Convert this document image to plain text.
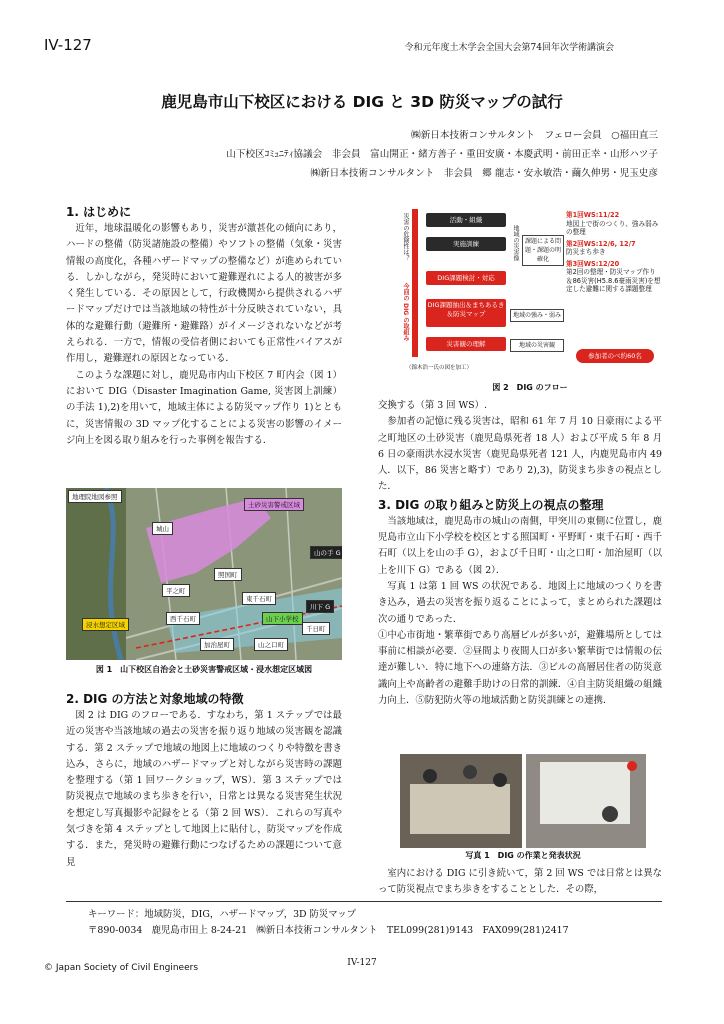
IV-127	令和元年度土木学会全国大会第74回年次学術講演会
鹿児島市山下校区における DIG と 3D 防災マップの試行
㈱新日本技術コンサルタント　フェロー会員　○福田直三
山下校区ｺﾐｭﾆﾃｨ協議会　非会員　富山開正・緒方善子・重田安廣・本慶武明・前田正幸・山形ハツ子
㈱新日本技術コンサルタント　非会員　郷 龍志・安永敏浩・繭久伸男・児玉史彦
1. はじめに

近年，地球温暖化の影響もあり，災害が激甚化の傾向にあり，ハードの整備（防災諸施設の整備）やソフトの整備（気象・災害情報の高度化，各種ハザードマップの整備など）が進められている．しかしながら，発災時において避難遅れによる人的被害が多く発生している．その原因として，行政機関から提供されるハザードマップだけでは当該地域の特性が十分反映されていない，具体的な避難行動（避難所・避難路）がイメージされないなどが考えられる．一方で，情報の受信者側においても正常性バイアスが作用し，避難遅れの原因となっている．

このような課題に対し，鹿児島市内山下校区 7 町内会（図 1）において DIG（Disaster Imagination Game, 災害図上訓練）の手法 1),2)を用いて，地域主体による防災マップ作り 1)とともに，災害情報の 3D マップ化することによる災害の影響のイメージ向上を図る取り組みを行った事例を報告する．

地理院地図参照
土砂災害警戒区域
城山
照国町
平之町
東千石町
西千石町	山下小学校
浸水想定区域
加治屋町	山之口町
千日町
山の手 G
川下 G
図 1　山下校区自治会と土砂災害警戒区域・浸水想定区域図
2. DIG の方法と対象地域の特徴

図 2 は DIG のフローである．すなわち，第 1 ステップでは最近の災害や当該地域の過去の災害を振り返り地域の災害観を認識する．第 2 ステップで地域の地図上に地域のつくりや特徴を書き込み，さらに，地域のハザードマップと対しながら災害時の課題を整理する（第 1 回ワークショップ，WS）．第 3 ステップでは防災視点で地域のまち歩きを行い，日常とは異なる災害発生状況を想定し写真撮影や記録をとる（第 2 回 WS）．これらの写真や気づきを第 4 ステップとして地図上に貼付し，防災マップを作成する．また，発災時の避難行動につなげるための課題について意見

災害の危険性は？
今回の DIG の取組み
活動・組織
実施訓練
DIG課題検討・対応
DIG課題抽出＆まちあるき＆防災マップ
災害観の理解
地域の災害像 課題による問題・課題の明確化
地域の強み・弱み
地域の災害観
第1回WS:11/22
地図上で街のつくり、強み弱みの整理
第2回WS:12/6, 12/7
防災まち歩き
第3回WS:12/20
第2回の整理・防災マップ作り＆86災害(H5.8.6豪雨災害)を想定した避難に関する課題整理
参加者のべ約60名
（錦木浩一氏の図を加工）
図 2　DIG のフロー

交換する（第 3 回 WS）.

参加者の記憶に残る災害は，昭和 61 年 7 月 10 日豪雨による平之町地区の土砂災害（鹿児島県死者 18 人）および平成 5 年 8 月 6 日の豪雨洪水浸水災害（鹿児島県死者 121 人，内鹿児島市内 49 人．以下，86 災害と略す）であり 2),3)，防災まち歩きの視点とした．

3. DIG の取り組みと防災上の視点の整理

当該地域は，鹿児島市の城山の南側，甲突川の東側に位置し，鹿児島市立山下小学校を校区とする照国町・平野町・東千石町・西千石町（以上を山の手 G），および千日町・山之口町・加治屋町（以上を川下 G）である（図 2）．

写真 1 は第 1 回 WS の状況である．地図上に地域のつくりを書き込み，過去の災害を振り返ることによって，まとめられた課題は次の通りであった．

①中心市街地・繁華街であり高層ビルが多いが，避難場所としては事前に相談が必要．②昼間より夜間人口が多い繁華街では情報の伝達が難しい．特に地下への連絡方法．③ビルの高層居住者の防災意識向上や高齢者の避難手助けの日常的訓練．④自主防災組織の組織力向上．⑤防犯防火等の地域活動と防災訓練との連携．

写真 1　DIG の作業と発表状況

室内における DIG に引き続いて，第 2 回 WS では日常とは異なって防災視点でまち歩きをすることとした．その際，

キーワード：地域防災，DIG，ハザードマップ，3D 防災マップ
〒890-0034　鹿児島市田上 8-24-21　㈱新日本技術コンサルタント　TEL099(281)9143　FAX099(281)2417
IV-127
© Japan Society of Civil Engineers
